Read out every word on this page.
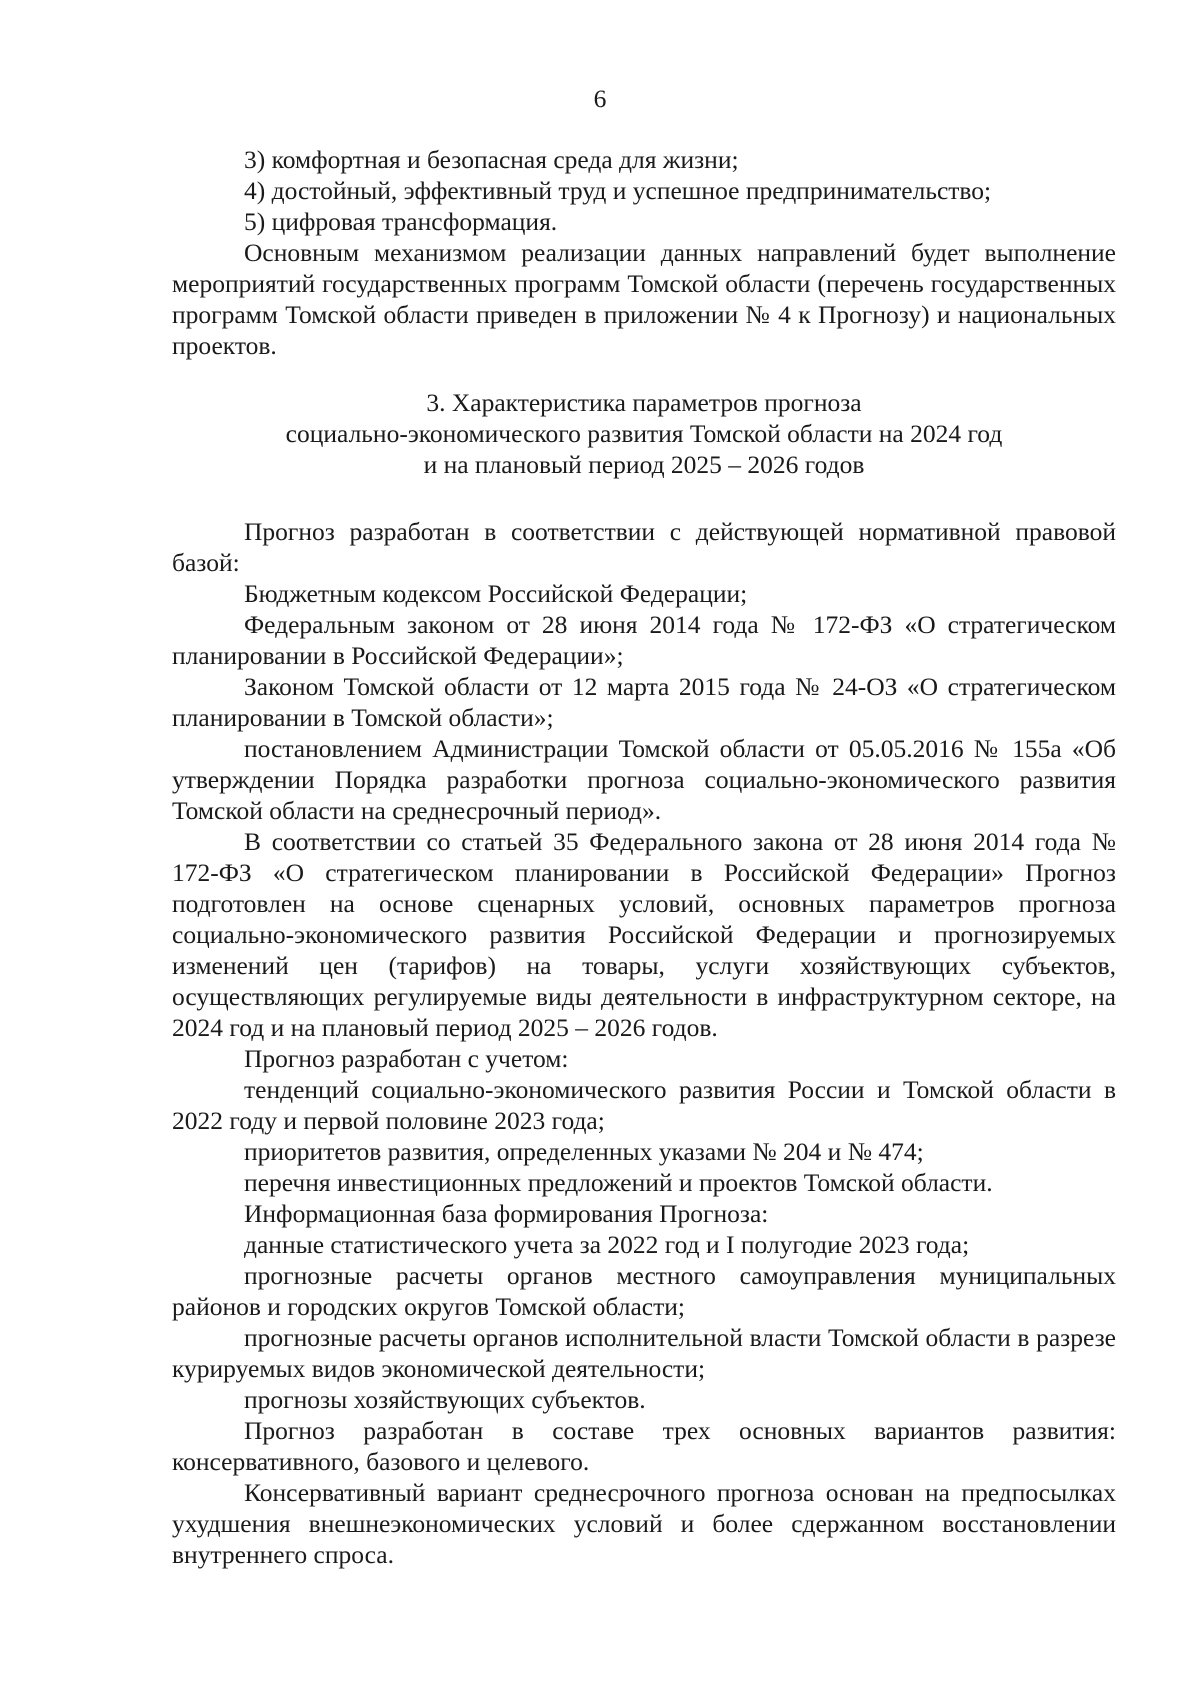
6

3) комфортная и безопасная среда для жизни;

4) достойный, эффективный труд и успешное предпринимательство;

5) цифровая трансформация.

Основным механизмом реализации данных направлений будет выполнение мероприятий государственных программ Томской области (перечень государственных программ Томской области приведен в приложении № 4 к Прогнозу) и национальных проектов.

3. Характеристика параметров прогноза
социально-экономического развития Томской области на 2024 год
и на плановый период 2025 – 2026 годов

Прогноз разработан в соответствии с действующей нормативной правовой базой:

Бюджетным кодексом Российской Федерации;

Федеральным законом от 28 июня 2014 года № 172-ФЗ «О стратегическом планировании в Российской Федерации»;

Законом Томской области от 12 марта 2015 года № 24-ОЗ «О стратегическом планировании в Томской области»;

постановлением Администрации Томской области от 05.05.2016 № 155а «Об утверждении Порядка разработки прогноза социально-экономического развития Томской области на среднесрочный период».

В соответствии со статьей 35 Федерального закона от 28 июня 2014 года № 172-ФЗ «О стратегическом планировании в Российской Федерации» Прогноз подготовлен на основе сценарных условий, основных параметров прогноза социально-экономического развития Российской Федерации и прогнозируемых изменений цен (тарифов) на товары, услуги хозяйствующих субъектов, осуществляющих регулируемые виды деятельности в инфраструктурном секторе, на 2024 год и на плановый период 2025 – 2026 годов.

Прогноз разработан с учетом:

тенденций социально-экономического развития России и Томской области в 2022 году и первой половине 2023 года;

приоритетов развития, определенных указами № 204 и № 474;

перечня инвестиционных предложений и проектов Томской области.

Информационная база формирования Прогноза:

данные статистического учета за 2022 год и I полугодие 2023 года;

прогнозные расчеты органов местного самоуправления муниципальных районов и городских округов Томской области;

прогнозные расчеты органов исполнительной власти Томской области в разрезе курируемых видов экономической деятельности;

прогнозы хозяйствующих субъектов.

Прогноз разработан в составе трех основных вариантов развития: консервативного, базового и целевого.

Консервативный вариант среднесрочного прогноза основан на предпосылках ухудшения внешнеэкономических условий и более сдержанном восстановлении внутреннего спроса.
